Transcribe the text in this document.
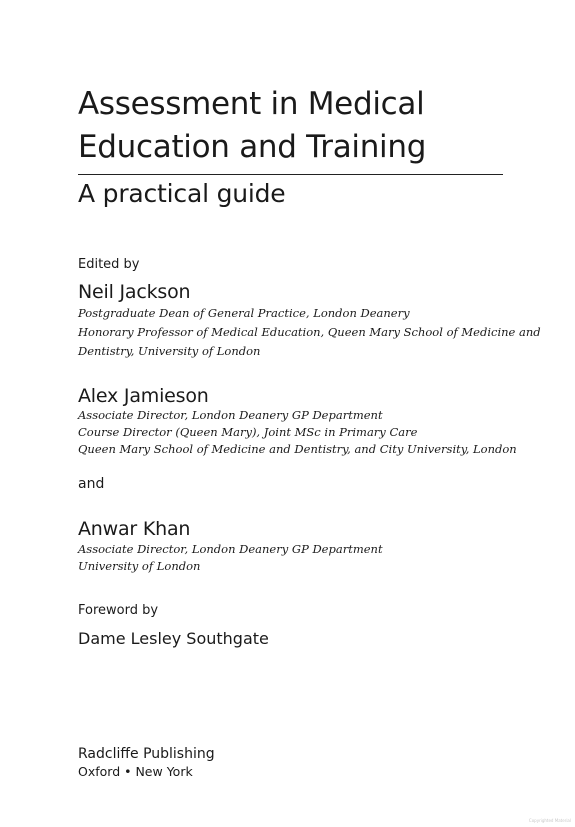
Assessment in Medical
Education and Training
A practical guide
Edited by
Neil Jackson
Postgraduate Dean of General Practice, London Deanery
Honorary Professor of Medical Education, Queen Mary School of Medicine and
Dentistry, University of London
Alex Jamieson
Associate Director, London Deanery GP Department
Course Director (Queen Mary), Joint MSc in Primary Care
Queen Mary School of Medicine and Dentistry, and City University, London
and
Anwar Khan
Associate Director, London Deanery GP Department
University of London
Foreword by
Dame Lesley Southgate
Radcliffe Publishing
Oxford • New York
Copyrighted Material
